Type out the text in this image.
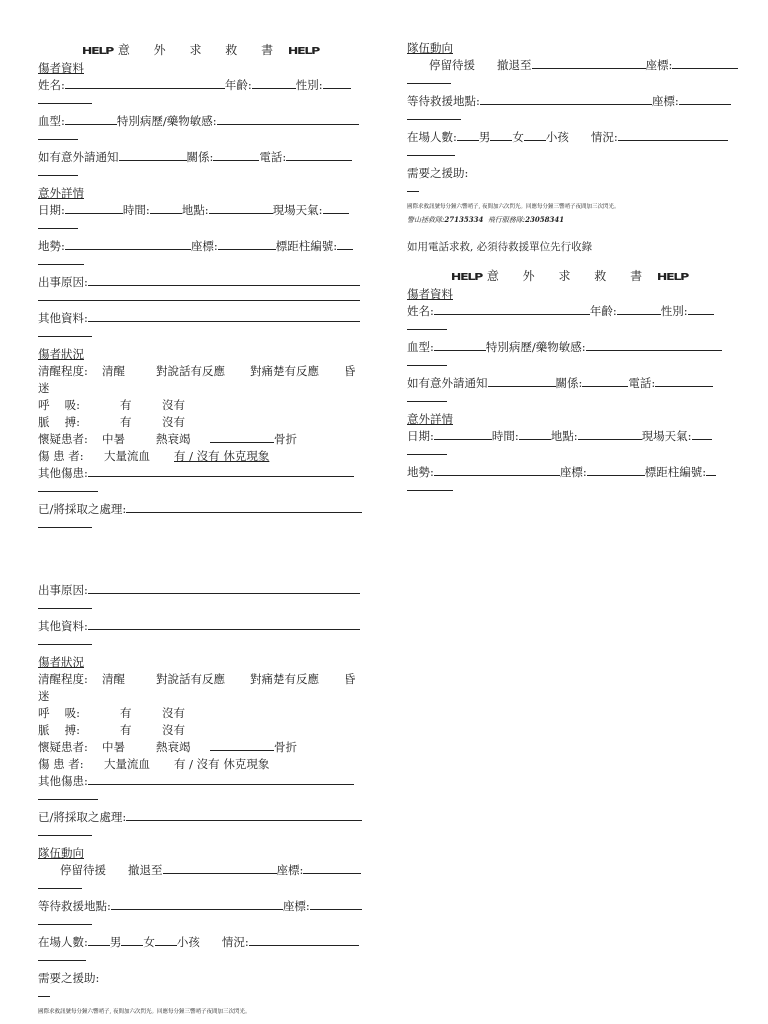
HELP 意 外 求 救 書 HELP
傷者資料
姓名:	年齡:	性別:
血型:	特別病歷/藥物敏感:
如有意外請通知	關係:	電話:
意外詳情
日期:	時間:	地點:	現場天氣:
地勢:	座標:	標距柱編號:
出事原因:
其他資料:
傷者狀況
清醒程度:	清醒	對說話有反應	對痛楚有反應	昏
迷
呼　 吸:	有	沒有
脈　 搏:	有	沒有
懷疑患者:	中暑	熱衰竭	骨折
傷 患 者:	大量流血	有 / 沒有 休克現象
其他傷患:
已/將採取之處理:
隊伍動向
停留待援 撤退至	座標:
等待救援地點:	座標:
在場人數: 男 女 小孩 情況:
需要之援助:
國際求救訊號每分鐘六響哨子, 夜間加六次閃光。回應每分鐘三響哨子夜間加三次閃光。
警山拯救隊:27135334 飛行服務隊:23058341
如用電話求救, 必須待救援單位先行收錄
HELP 意 外 求 救 書 HELP
傷者資料
姓名:	年齡:	性別:
血型:	特別病歷/藥物敏感:
如有意外請通知	關係:	電話:
意外詳情
日期:	時間:	地點:	現場天氣:
地勢:	座標:	標距柱編號:
出事原因:
其他資料:
傷者狀況
清醒程度:	清醒	對說話有反應	對痛楚有反應	昏
迷
呼　 吸:	有	沒有
脈　 搏:	有	沒有
懷疑患者:	中暑	熱衰竭	骨折
傷 患 者:	大量流血	有 / 沒有 休克現象
其他傷患:
已/將採取之處理:
隊伍動向
停留待援 撤退至	座標:
等待救援地點:	座標:
在場人數: 男 女 小孩 情況:
需要之援助:
國際求救訊號每分鐘六響哨子, 夜間加六次閃光。回應每分鐘三響哨子夜間加三次閃光。
